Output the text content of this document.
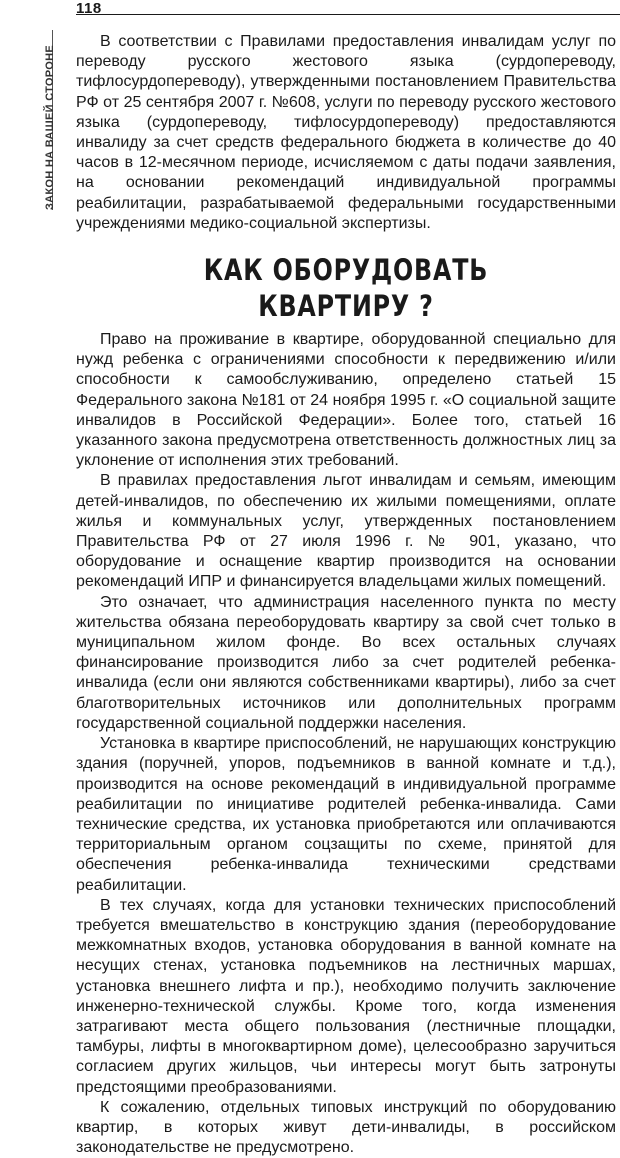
118
ЗАКОН НА ВАШЕЙ СТОРОНЕ

В соответствии с Правилами предоставления инвалидам услуг по переводу русского жестового языка (сурдопереводу, тифлосурдопереводу), утвержденными постановлением Правительства РФ от 25 сентября 2007 г. №608, услуги по переводу русского жестового языка (сурдопереводу, тифлосурдопереводу) предоставляются инвалиду за счет средств федерального бюджета в количестве до 40 часов в 12-месячном периоде, исчисляемом с даты подачи заявления, на основании рекомендаций индивидуальной программы реабилитации, разрабатываемой федеральными государственными учреждениями медико-социальной экспертизы.

КАК ОБОРУДОВАТЬ КВАРТИРУ ?

Право на проживание в квартире, оборудованной специально для нужд ребенка с ограничениями способности к передвижению и/или способности к самообслуживанию, определено статьей 15 Федерального закона №181 от 24 ноября 1995 г. «О социальной защите инвалидов в Российской Федерации». Более того, статьей 16 указанного закона предусмотрена ответственность должностных лиц за уклонение от исполнения этих требований.

В правилах предоставления льгот инвалидам и семьям, имеющим детей-инвалидов, по обеспечению их жилыми помещениями, оплате жилья и коммунальных услуг, утвержденных постановлением Правительства РФ от 27 июля 1996 г. № 901, указано, что оборудование и оснащение квартир производится на основании рекомендаций ИПР и финансируется владельцами жилых помещений.

Это означает, что администрация населенного пункта по месту жительства обязана переоборудовать квартиру за свой счет только в муниципальном жилом фонде. Во всех остальных случаях финансирование производится либо за счет родителей ребенка-инвалида (если они являются собственниками квартиры), либо за счет благотворительных источников или дополнительных программ государственной социальной поддержки населения.

Установка в квартире приспособлений, не нарушающих конструкцию здания (поручней, упоров, подъемников в ванной комнате и т.д.), производится на основе рекомендаций в индивидуальной программе реабилитации по инициативе родителей ребенка-инвалида. Сами технические средства, их установка приобретаются или оплачиваются территориальным органом соцзащиты по схеме, принятой для обеспечения ребенка-инвалида техническими средствами реабилитации.

В тех случаях, когда для установки технических приспособлений требуется вмешательство в конструкцию здания (переоборудование межкомнатных входов, установка оборудования в ванной комнате на несущих стенах, установка подъемников на лестничных маршах, установка внешнего лифта и пр.), необходимо получить заключение инженерно-технической службы. Кроме того, когда изменения затрагивают места общего пользования (лестничные площадки, тамбуры, лифты в многоквартирном доме), целесообразно заручиться согласием других жильцов, чьи интересы могут быть затронуты предстоящими преобразованиями.

К сожалению, отдельных типовых инструкций по оборудованию квартир, в которых живут дети-инвалиды, в российском законодательстве не предусмотрено.
